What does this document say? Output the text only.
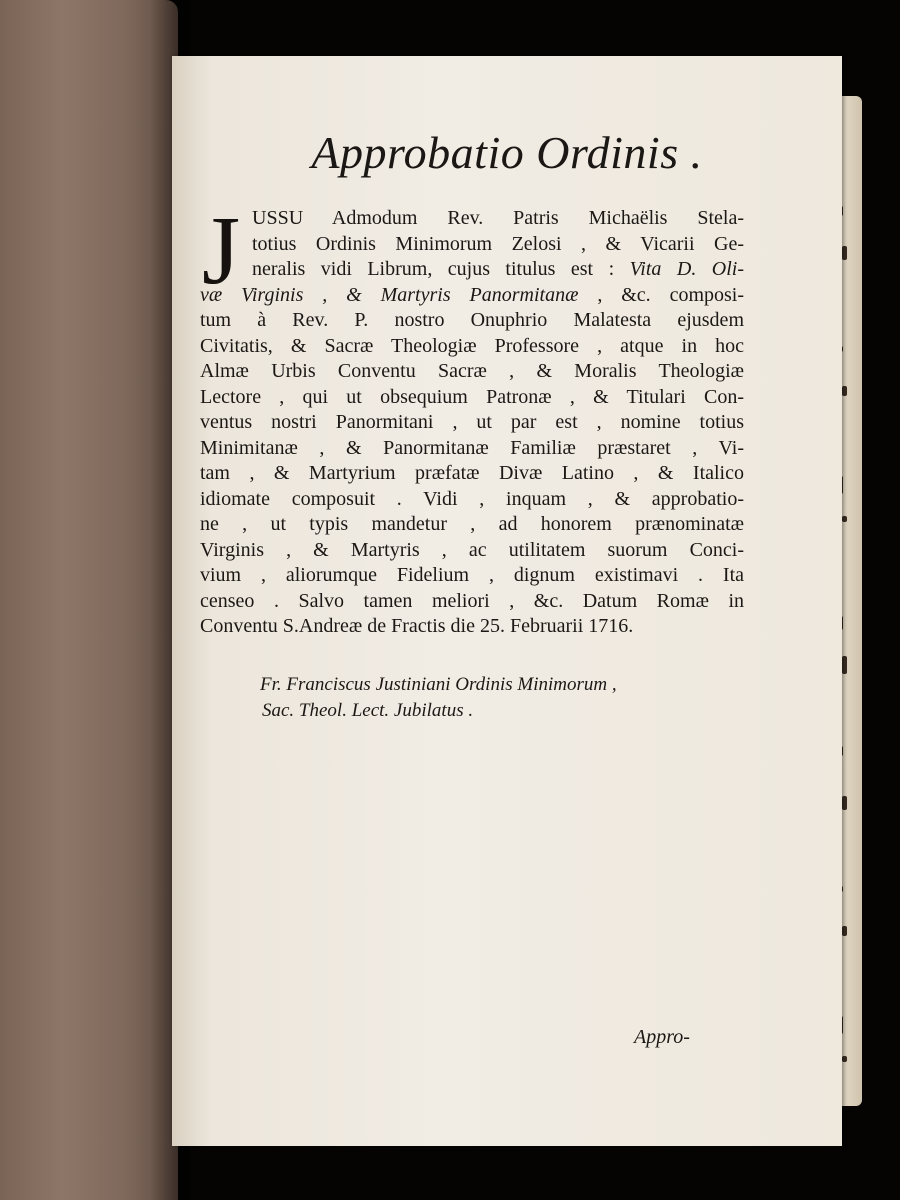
Approbatio Ordinis .
J USSU Admodum Rev. Patris Michaëlis Stela-
totius Ordinis Minimorum Zelosi , & Vicarii Ge-
neralis vidi Librum, cujus titulus est : Vita D. Oli-
væ Virginis , & Martyris Panormitanæ , &c. composi-
tum à Rev. P. nostro Onuphrio Malatesta ejusdem
Civitatis, & Sacræ Theologiæ Professore , atque in hoc
Almæ Urbis Conventu Sacræ , & Moralis Theologiæ
Lectore , qui ut obsequium Patronæ , & Titulari Con-
ventus nostri Panormitani , ut par est , nomine totius
Minimitanæ , & Panormitanæ Familiæ præstaret , Vi-
tam , & Martyrium præfatæ Divæ Latino , & Italico
idiomate composuit . Vidi , inquam , & approbatio-
ne , ut typis mandetur , ad honorem prænominatæ
Virginis , & Martyris , ac utilitatem suorum Conci-
vium , aliorumque Fidelium , dignum existimavi . Ita
censeo . Salvo tamen meliori , &c. Datum Romæ in
Conventu S.Andreæ de Fractis die 25. Februarii 1716.
Fr. Franciscus Justiniani Ordinis Minimorum ,
Sac. Theol. Lect. Jubilatus .
Appro-
